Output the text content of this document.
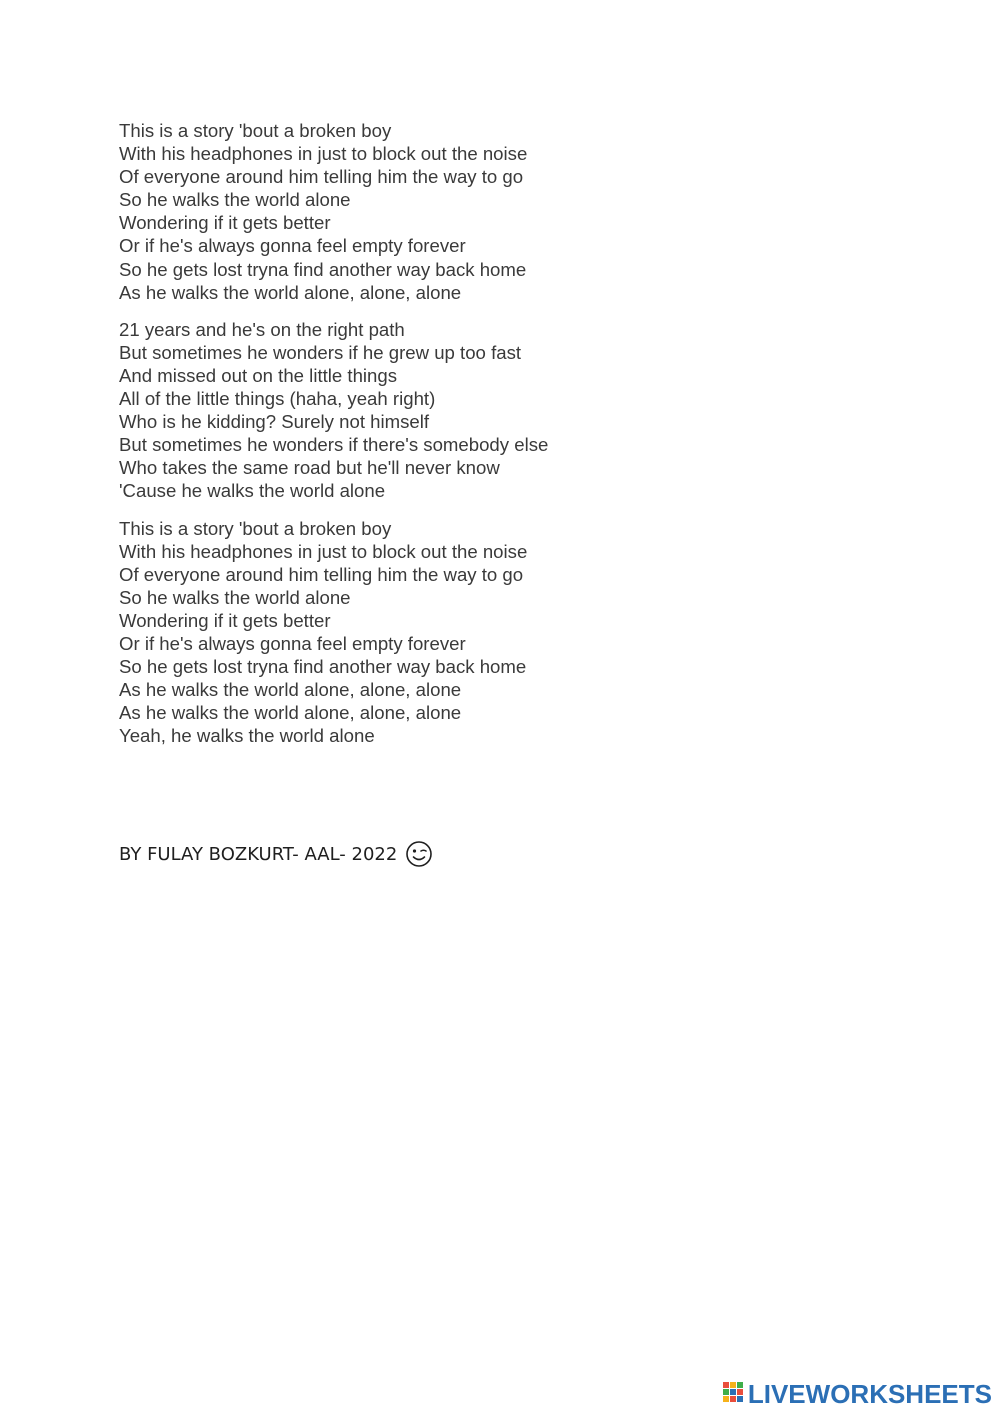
This is a story 'bout a broken boy
With his headphones in just to block out the noise
Of everyone around him telling him the way to go
So he walks the world alone
Wondering if it gets better
Or if he's always gonna feel empty forever
So he gets lost tryna find another way back home
As he walks the world alone, alone, alone
21 years and he's on the right path
But sometimes he wonders if he grew up too fast
And missed out on the little things
All of the little things (haha, yeah right)
Who is he kidding? Surely not himself
But sometimes he wonders if there's somebody else
Who takes the same road but he'll never know
'Cause he walks the world alone
This is a story 'bout a broken boy
With his headphones in just to block out the noise
Of everyone around him telling him the way to go
So he walks the world alone
Wondering if it gets better
Or if he's always gonna feel empty forever
So he gets lost tryna find another way back home
As he walks the world alone, alone, alone
As he walks the world alone, alone, alone
Yeah, he walks the world alone
BY FULAY BOZKURT- AAL- 2022
LIVEWORKSHEETS
